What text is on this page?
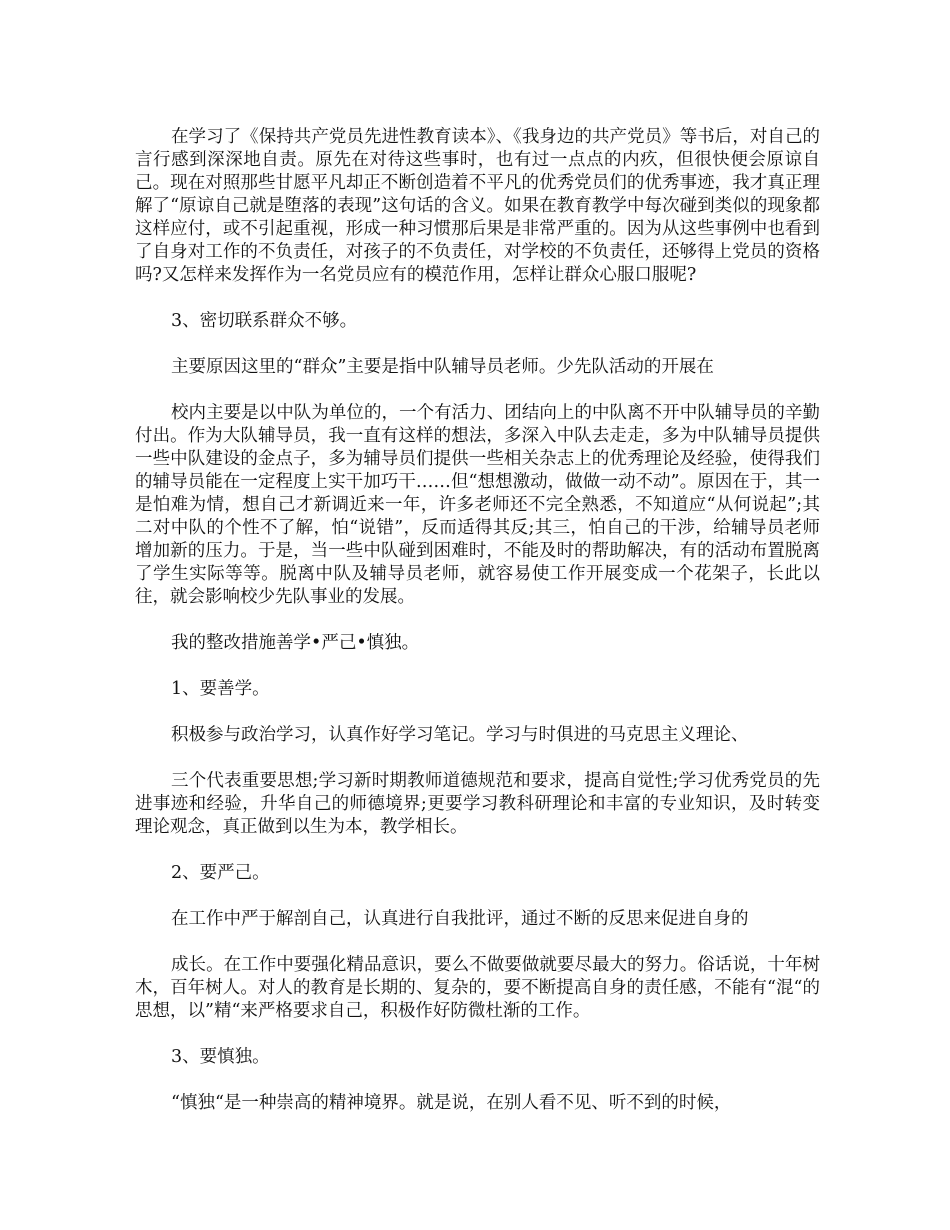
在学习了《保持共产党员先进性教育读本》、《我身边的共产党员》等书后，对自己的言行感到深深地自责。原先在对待这些事时，也有过一点点的内疚，但很快便会原谅自己。现在对照那些甘愿平凡却正不断创造着不平凡的优秀党员们的优秀事迹，我才真正理解了“原谅自己就是堕落的表现”这句话的含义。如果在教育教学中每次碰到类似的现象都这样应付，或不引起重视，形成一种习惯那后果是非常严重的。因为从这些事例中也看到了自身对工作的不负责任，对孩子的不负责任，对学校的不负责任，还够得上党员的资格吗?又怎样来发挥作为一名党员应有的模范作用，怎样让群众心服口服呢?

3、密切联系群众不够。

主要原因这里的“群众”主要是指中队辅导员老师。少先队活动的开展在

校内主要是以中队为单位的，一个有活力、团结向上的中队离不开中队辅导员的辛勤付出。作为大队辅导员，我一直有这样的想法，多深入中队去走走，多为中队辅导员提供一些中队建设的金点子，多为辅导员们提供一些相关杂志上的优秀理论及经验，使得我们的辅导员能在一定程度上实干加巧干……但“想想激动，做做一动不动”。原因在于，其一是怕难为情，想自己才新调近来一年，许多老师还不完全熟悉，不知道应“从何说起”;其二对中队的个性不了解，怕“说错”，反而适得其反;其三，怕自己的干涉，给辅导员老师增加新的压力。于是，当一些中队碰到困难时，不能及时的帮助解决，有的活动布置脱离了学生实际等等。脱离中队及辅导员老师，就容易使工作开展变成一个花架子，长此以往，就会影响校少先队事业的发展。

我的整改措施善学•严己•慎独。

1、要善学。

积极参与政治学习，认真作好学习笔记。学习与时俱进的马克思主义理论、

三个代表重要思想;学习新时期教师道德规范和要求，提高自觉性;学习优秀党员的先进事迹和经验，升华自己的师德境界;更要学习教科研理论和丰富的专业知识，及时转变理论观念，真正做到以生为本，教学相长。

2、要严己。

在工作中严于解剖自己，认真进行自我批评，通过不断的反思来促进自身的

成长。在工作中要强化精品意识，要么不做要做就要尽最大的努力。俗话说，十年树木，百年树人。对人的教育是长期的、复杂的，要不断提高自身的责任感，不能有“混“的思想，以”精“来严格要求自己，积极作好防微杜渐的工作。

3、要慎独。

“慎独“是一种崇高的精神境界。就是说，在别人看不见、听不到的时候，
